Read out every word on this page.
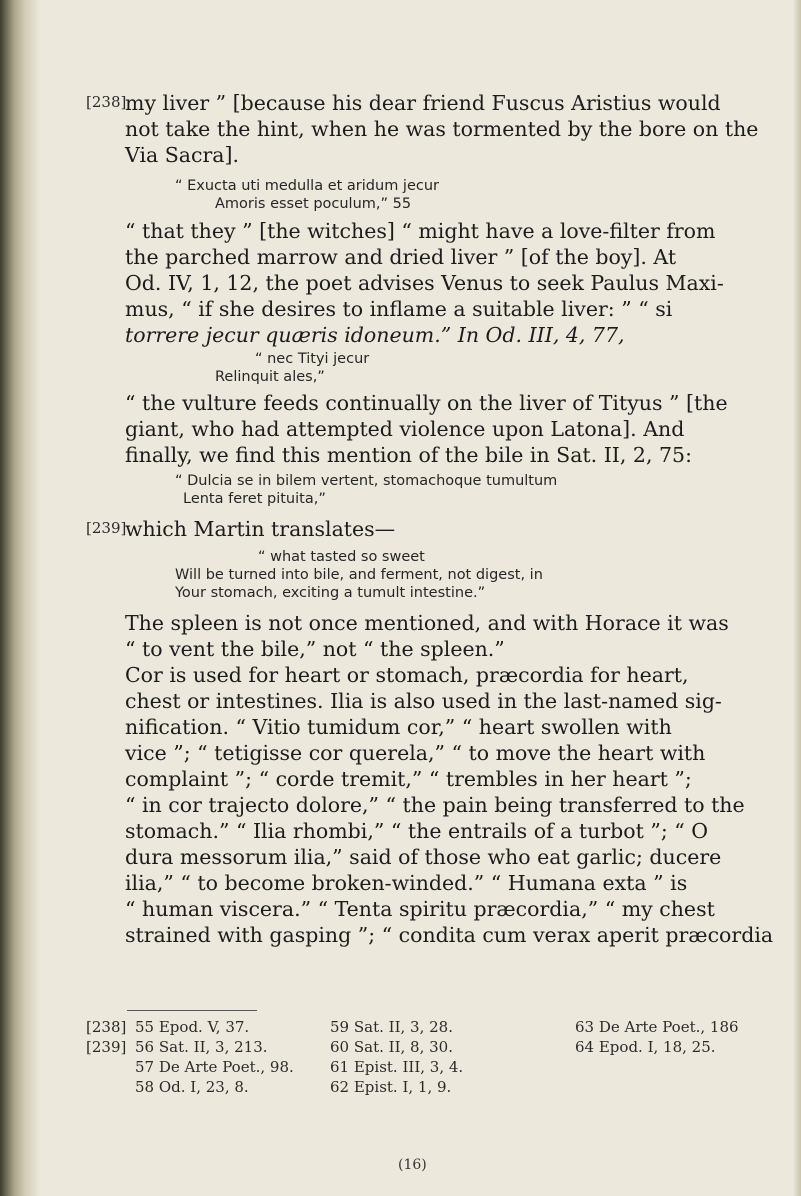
[238]
[239]
my liver ” [because his dear friend Fuscus Aristius would
not take the hint, when he was tormented by the bore on the
Via Sacra].
“ Exucta uti medulla et aridum jecur
Amoris esset poculum,” 55
“ that they ” [the witches] “ might have a love-filter from
the parched marrow and dried liver ” [of the boy]. At
Od. IV, 1, 12, the poet advises Venus to seek Paulus Maxi-
mus, “ if she desires to inflame a suitable liver: ” “ si
torrere jecur quæris idoneum.” In Od. III, 4, 77,
“ nec Tityi jecur
Relinquit ales,”
“ the vulture feeds continually on the liver of Tityus ” [the
giant, who had attempted violence upon Latona]. And
finally, we find this mention of the bile in Sat. II, 2, 75:
“ Dulcia se in bilem vertent, stomachoque tumultum
Lenta feret pituita,”
which Martin translates—
“ what tasted so sweet
Will be turned into bile, and ferment, not digest, in
Your stomach, exciting a tumult intestine.”
The spleen is not once mentioned, and with Horace it was
“ to vent the bile,” not “ the spleen.”
Cor is used for heart or stomach, præcordia for heart,
chest or intestines. Ilia is also used in the last-named sig-
nification. “ Vitio tumidum cor,” “ heart swollen with
vice ”; “ tetigisse cor querela,” “ to move the heart with
complaint ”; “ corde tremit,” “ trembles in her heart ”;
“ in cor trajecto dolore,” “ the pain being transferred to the
stomach.” “ Ilia rhombi,” “ the entrails of a turbot ”; “ O
dura messorum ilia,” said of those who eat garlic; ducere
ilia,” “ to become broken-winded.” “ Humana exta ” is
“ human viscera.” “ Tenta spiritu præcordia,” “ my chest
strained with gasping ”; “ condita cum verax aperit præcordia
[238]
[239]
55 Epod. V, 37.
56 Sat. II, 3, 213.
57 De Arte Poet., 98.
58 Od. I, 23, 8.
59 Sat. II, 3, 28.
60 Sat. II, 8, 30.
61 Epist. III, 3, 4.
62 Epist. I, 1, 9.
63 De Arte Poet., 186
64 Epod. I, 18, 25.
(16)
